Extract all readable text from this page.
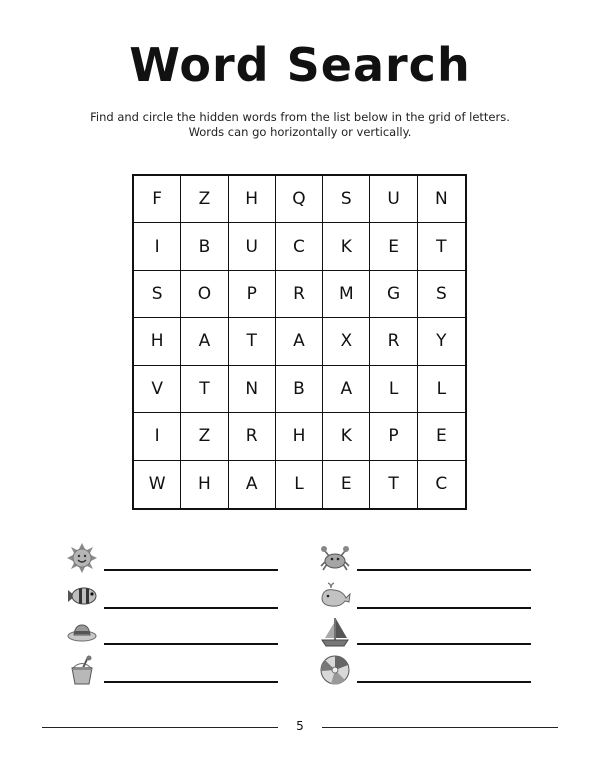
Word Search
Find and circle the hidden words from the list below in the grid of letters.
Words can go horizontally or vertically.
F	Z	H	Q	S	U	N
I	B	U	C	K	E	T
S	O	P	R	M	G	S
H	A	T	A	X	R	Y
V	T	N	B	A	L	L
I	Z	R	H	K	P	E
W	H	A	L	E	T	C
5
